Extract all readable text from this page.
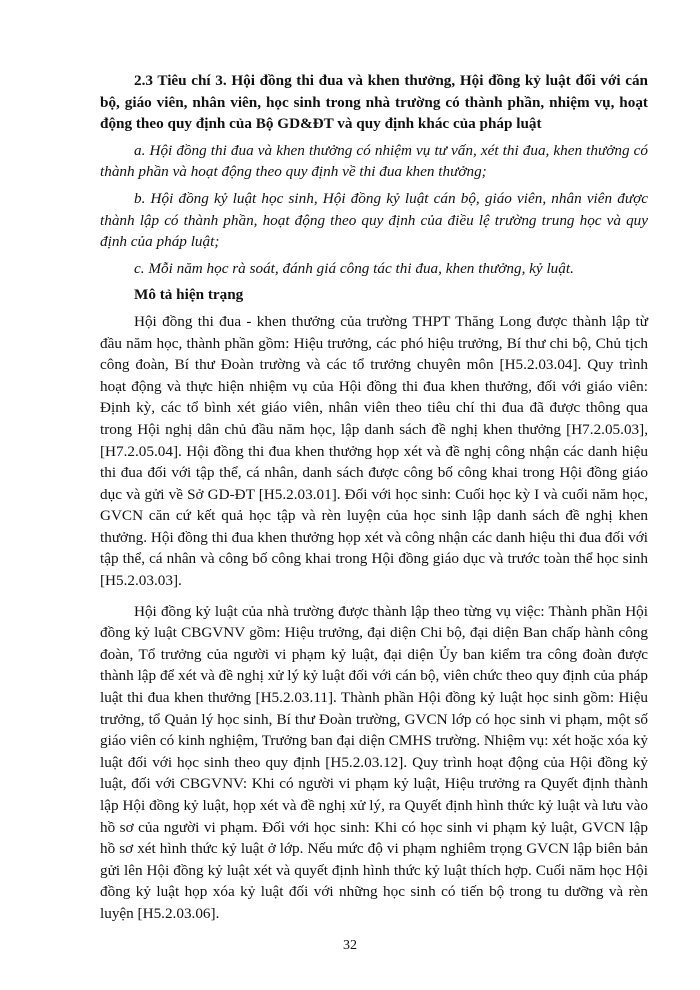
2.3 Tiêu chí 3. Hội đồng thi đua và khen thưởng, Hội đồng kỷ luật đối với cán bộ, giáo viên, nhân viên, học sinh trong nhà trường có thành phần, nhiệm vụ, hoạt động theo quy định của Bộ GD&ĐT và quy định khác của pháp luật

a. Hội đồng thi đua và khen thưởng có nhiệm vụ tư vấn, xét thi đua, khen thưởng có thành phần và hoạt động theo quy định về thi đua khen thưởng;

b. Hội đồng kỷ luật học sinh, Hội đồng kỷ luật cán bộ, giáo viên, nhân viên được thành lập có thành phần, hoạt động theo quy định của điều lệ trường trung học và quy định của pháp luật;

c. Mỗi năm học rà soát, đánh giá công tác thi đua, khen thưởng, kỷ luật.

Mô tả hiện trạng

Hội đồng thi đua - khen thưởng của trường THPT Thăng Long được thành lập từ đầu năm học, thành phần gồm: Hiệu trưởng, các phó hiệu trưởng, Bí thư chi bộ, Chủ tịch công đoàn, Bí thư Đoàn trường và các tổ trưởng chuyên môn [H5.2.03.04]. Quy trình hoạt động và thực hiện nhiệm vụ của Hội đồng thi đua khen thưởng, đối với giáo viên: Định kỳ, các tổ bình xét giáo viên, nhân viên theo tiêu chí thi đua đã được thông qua trong Hội nghị dân chủ đầu năm học, lập danh sách đề nghị khen thưởng [H7.2.05.03], [H7.2.05.04]. Hội đồng thi đua khen thưởng họp xét và đề nghị công nhận các danh hiệu thi đua đối với tập thể, cá nhân, danh sách được công bố công khai trong Hội đồng giáo dục và gửi về Sở GD-ĐT [H5.2.03.01]. Đối với học sinh: Cuối học kỳ I và cuối năm học, GVCN căn cứ kết quả học tập và rèn luyện của học sinh lập danh sách đề nghị khen thưởng. Hội đồng thi đua khen thưởng họp xét và công nhận các danh hiệu thi đua đối với tập thể, cá nhân và công bố công khai trong Hội đồng giáo dục và trước toàn thể học sinh [H5.2.03.03].

Hội đồng kỷ luật của nhà trường được thành lập theo từng vụ việc: Thành phần Hội đồng kỷ luật CBGVNV gồm: Hiệu trưởng, đại diện Chi bộ, đại diện Ban chấp hành công đoàn, Tổ trưởng của người vi phạm kỷ luật, đại diện Ủy ban kiểm tra công đoàn được thành lập để xét và đề nghị xử lý kỷ luật đối với cán bộ, viên chức theo quy định của pháp luật thi đua khen thưởng [H5.2.03.11]. Thành phần Hội đồng kỷ luật học sinh gồm: Hiệu trưởng, tổ Quản lý học sinh, Bí thư Đoàn trường, GVCN lớp có học sinh vi phạm, một số giáo viên có kinh nghiệm, Trưởng ban đại diện CMHS trường. Nhiệm vụ: xét hoặc xóa kỷ luật đối với học sinh theo quy định [H5.2.03.12]. Quy trình hoạt động của Hội đồng kỷ luật, đối với CBGVNV: Khi có người vi phạm kỷ luật, Hiệu trưởng ra Quyết định thành lập Hội đồng kỷ luật, họp xét và đề nghị xử lý, ra Quyết định hình thức kỷ luật và lưu vào hồ sơ của người vi phạm. Đối với học sinh: Khi có học sinh vi phạm kỷ luật, GVCN lập hồ sơ xét hình thức kỷ luật ở lớp. Nếu mức độ vi phạm nghiêm trọng GVCN lập biên bản gửi lên Hội đồng kỷ luật xét và quyết định hình thức kỷ luật thích hợp. Cuối năm học Hội đồng kỷ luật họp xóa kỷ luật đối với những học sinh có tiến bộ trong tu dưỡng và rèn luyện [H5.2.03.06].

32
